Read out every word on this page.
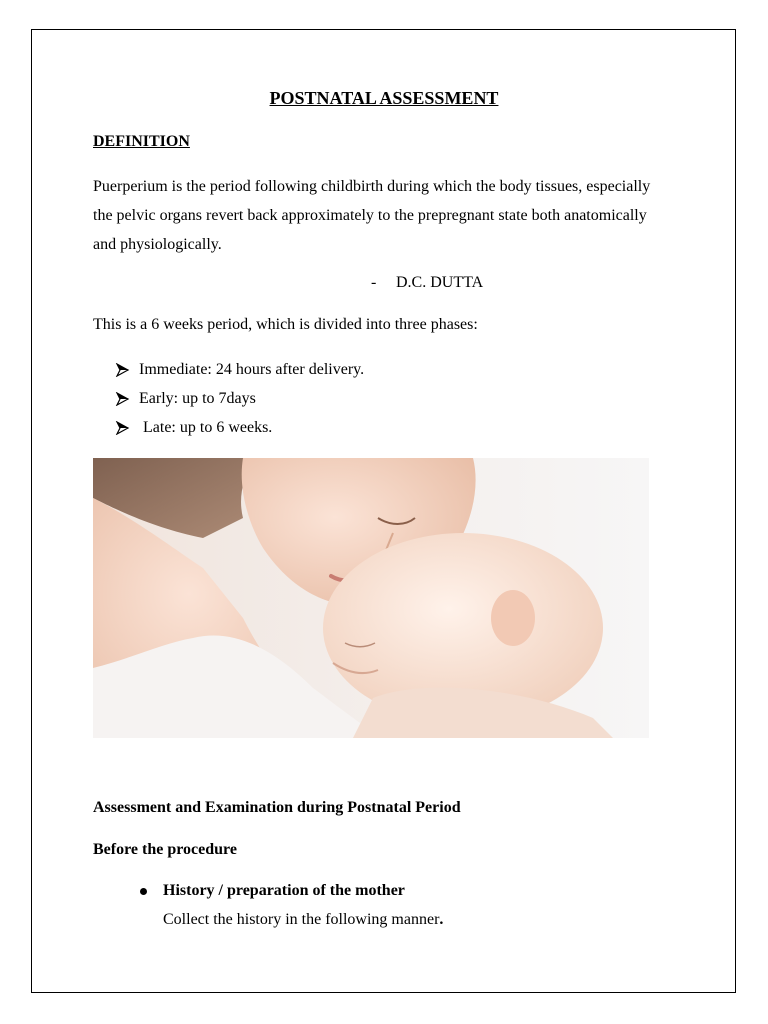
POSTNATAL ASSESSMENT
DEFINITION

Puerperium is the period following childbirth during which the body tissues, especially the pelvic organs revert back approximately to the prepregnant state both anatomically and physiologically.

- D.C. DUTTA

This is a 6 weeks period, which is divided into three phases:

Immediate: 24 hours after delivery.
Early: up to 7days
Late: up to 6 weeks.

Assessment and Examination during Postnatal Period

Before the procedure

History / preparation of the mother

Collect the history in the following manner.
